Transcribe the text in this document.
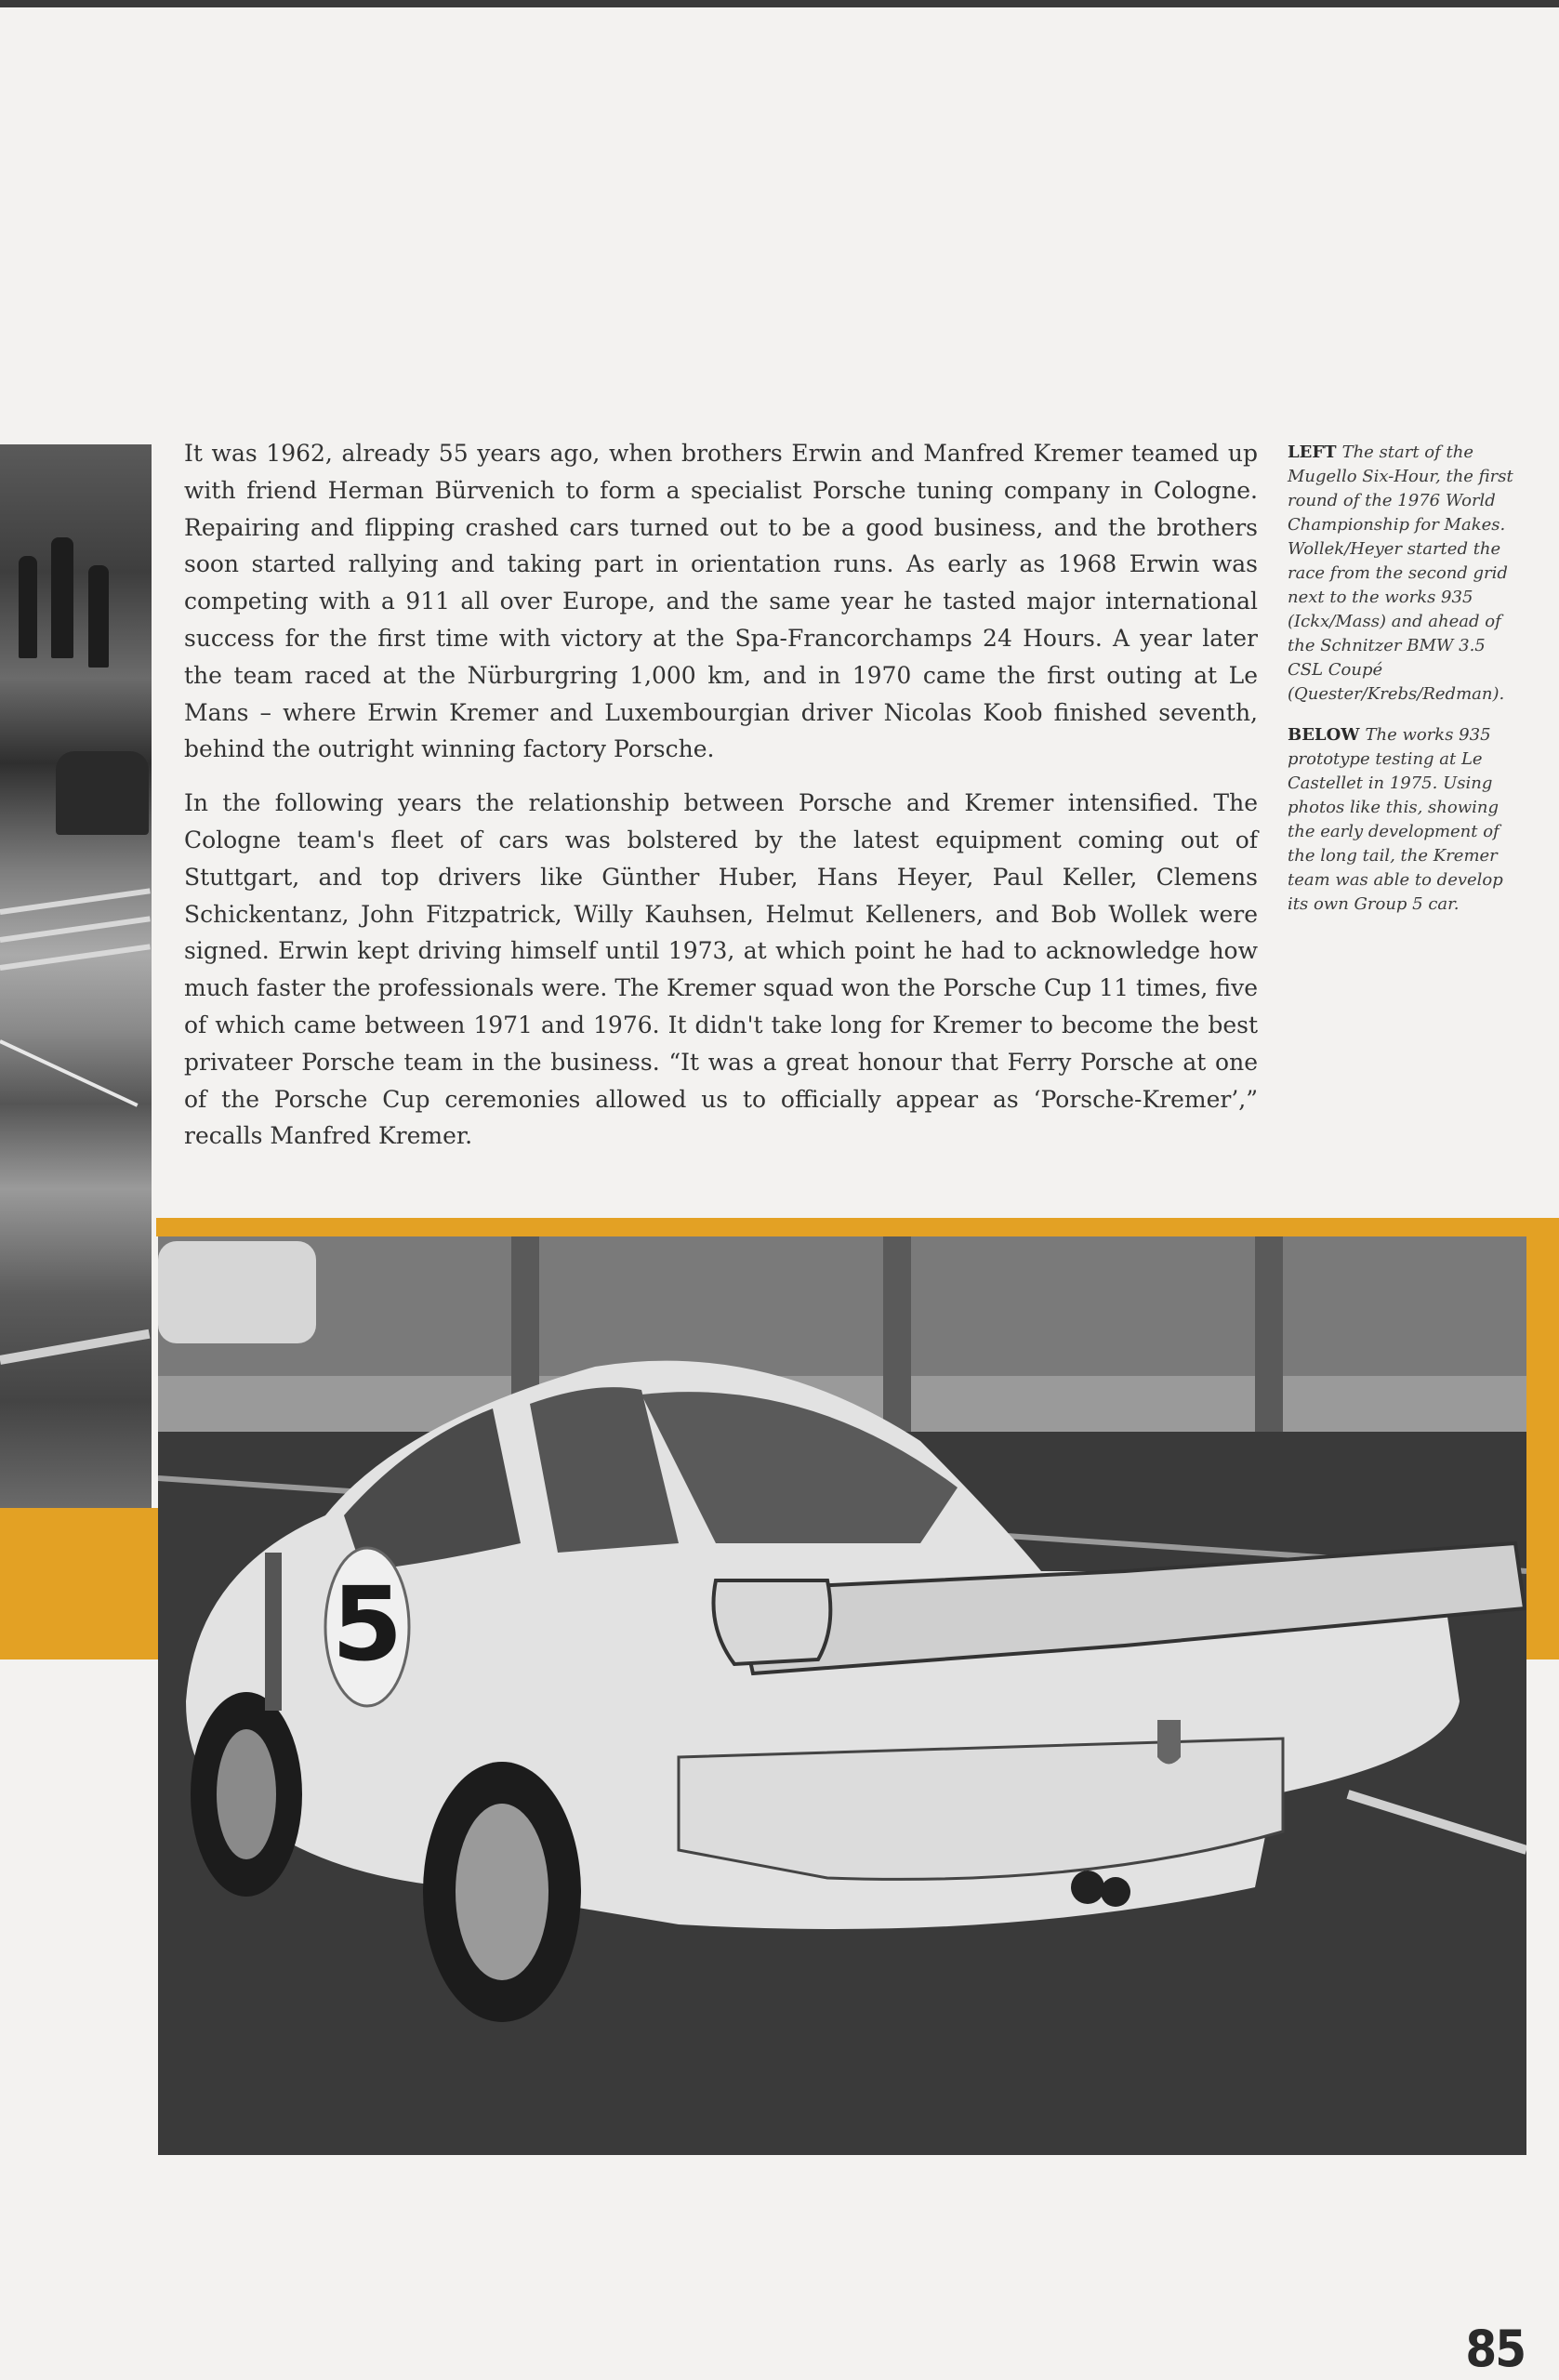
It was 1962, already 55 years ago, when brothers Erwin and Manfred Kremer teamed up with friend Herman Bürvenich to form a specialist Porsche tuning company in Cologne. Repairing and flipping crashed cars turned out to be a good business, and the brothers soon started rallying and taking part in orientation runs. As early as 1968 Erwin was competing with a 911 all over Europe, and the same year he tasted major international success for the first time with victory at the Spa-Francorchamps 24 Hours. A year later the team raced at the Nürburgring 1,000 km, and in 1970 came the first outing at Le Mans – where Erwin Kremer and Luxembourgian driver Nicolas Koob finished seventh, behind the outright winning factory Porsche.

In the following years the relationship between Porsche and Kremer intensified. The Cologne team's fleet of cars was bolstered by the latest equipment coming out of Stuttgart, and top drivers like Günther Huber, Hans Heyer, Paul Keller, Clemens Schickentanz, John Fitzpatrick, Willy Kauhsen, Helmut Kelleners, and Bob Wollek were signed. Erwin kept driving himself until 1973, at which point he had to acknowledge how much faster the professionals were. The Kremer squad won the Porsche Cup 11 times, five of which came between 1971 and 1976. It didn't take long for Kremer to become the best privateer Porsche team in the business. “It was a great honour that Ferry Porsche at one of the Porsche Cup ceremonies allowed us to officially appear as ‘Porsche-Kremer’,” recalls Manfred Kremer.

LEFT The start of the Mugello Six-Hour, the first round of the 1976 World Championship for Makes. Wollek/Heyer started the race from the second grid next to the works 935 (Ickx/Mass) and ahead of the Schnitzer BMW 3.5 CSL Coupé (Quester/Krebs/Redman).

BELOW The works 935 prototype testing at Le Castellet in 1975. Using photos like this, showing the early development of the long tail, the Kremer team was able to develop its own Group 5 car.

5
85
